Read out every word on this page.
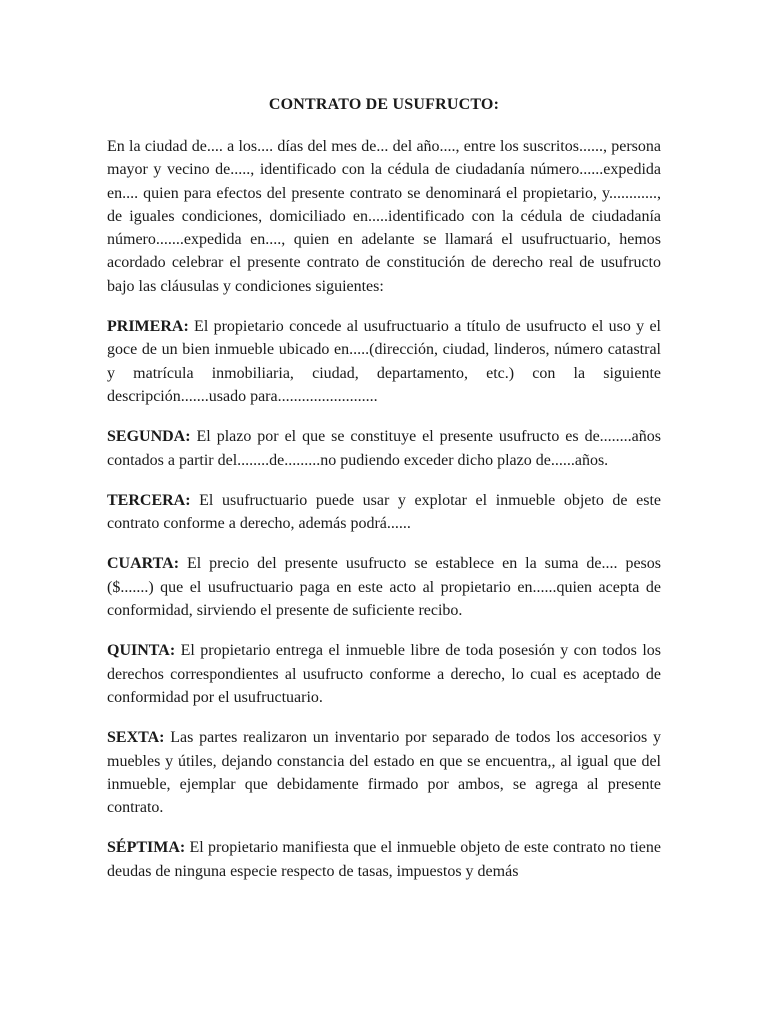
CONTRATO DE USUFRUCTO:

En la ciudad de.... a los.... días del mes de... del año...., entre los suscritos......, persona mayor y vecino de....., identificado con la cédula de ciudadanía número......expedida en.... quien para efectos del presente contrato se denominará el propietario, y............, de iguales condiciones, domiciliado en.....identificado con la cédula de ciudadanía número.......expedida en...., quien en adelante se llamará el usufructuario, hemos acordado celebrar el presente contrato de constitución de derecho real de usufructo bajo las cláusulas y condiciones siguientes:

PRIMERA: El propietario concede al usufructuario a título de usufructo el uso y el goce de un bien inmueble ubicado en.....(dirección, ciudad, linderos, número catastral y matrícula inmobiliaria, ciudad, departamento, etc.) con la siguiente descripción.......usado para.........................

SEGUNDA: El plazo por el que se constituye el presente usufructo es de........años contados a partir del........de.........no pudiendo exceder dicho plazo de......años.

TERCERA: El usufructuario puede usar y explotar el inmueble objeto de este contrato conforme a derecho, además podrá......

CUARTA: El precio del presente usufructo se establece en la suma de.... pesos ($.......) que el usufructuario paga en este acto al propietario en......quien acepta de conformidad, sirviendo el presente de suficiente recibo.

QUINTA: El propietario entrega el inmueble libre de toda posesión y con todos los derechos correspondientes al usufructo conforme a derecho, lo cual es aceptado de conformidad por el usufructuario.

SEXTA: Las partes realizaron un inventario por separado de todos los accesorios y muebles y útiles, dejando constancia del estado en que se encuentra,, al igual que del inmueble, ejemplar que debidamente firmado por ambos, se agrega al presente contrato.

SÉPTIMA: El propietario manifiesta que el inmueble objeto de este contrato no tiene deudas de ninguna especie respecto de tasas, impuestos y demás
